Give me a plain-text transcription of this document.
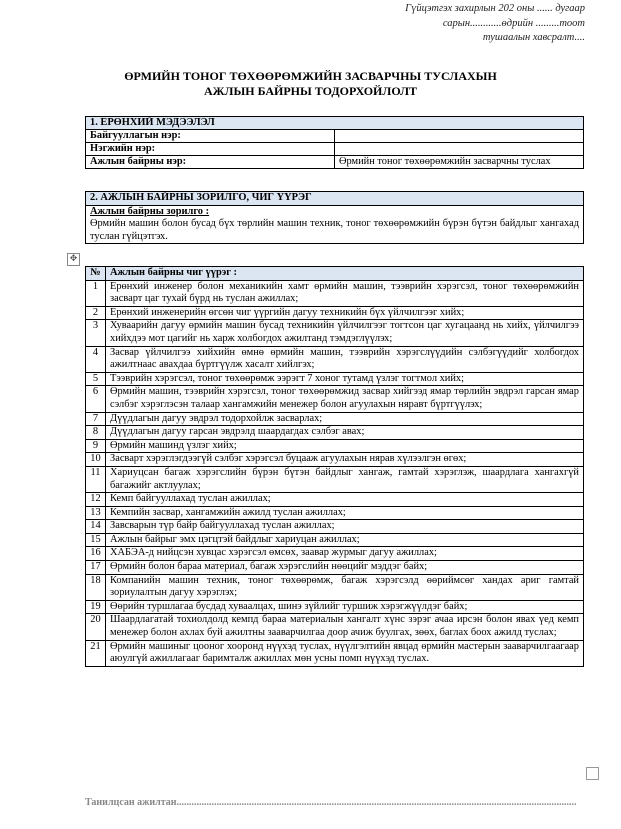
Гүйцэтгэх захирлын 202 оны ...... дугаар
сарын............өдрийн .........тоот
тушаалын хавсралт....
ӨРМИЙН ТОНОГ ТӨХӨӨРӨМЖИЙН ЗАСВАРЧНЫ ТУСЛАХЫН
АЖЛЫН БАЙРНЫ ТОДОРХОЙЛОЛТ
1. ЕРӨНХИЙ МЭДЭЭЛЭЛ	
Байгууллагын нэр:	
Нэгжийн нэр:	
Ажлын байрны нэр:	Өрмийн тоног төхөөрөмжийн засварчны туслах
2. АЖЛЫН БАЙРНЫ ЗОРИЛГО, ЧИГ ҮҮРЭГ

Ажлын байрны зорилго :
Өрмийн машин болон бусад бүх төрлийн машин техник, тоног төхөөрөмжийн бүрэн бүтэн байдлыг хангахад туслан гүйцэтгэх.
✥
№	Ажлын байрны чиг үүрэг :
1	Ерөнхий инженер болон механикийн хамт өрмийн машин, тээврийн хэрэгсэл, тоног төхөөрөмжийн засварт цаг тухай бүрд нь туслан ажиллах;
2	Ерөнхий инженерийн өгсөн чиг үүргийн дагуу техникийн бүх үйлчилгээг хийх;
3	Хуваарийн дагуу өрмийн машин бусад техникийн үйлчилгээг тогтсон цаг хугацаанд нь хийх, үйлчилгээ хийхдээ мот цагийг нь харж холбогдох ажилтанд тэмдэглүүлэх;
4	Засвар үйлчилгээ хийхийн өмнө өрмийн машин, тээврийн хэрэгслүүдийн сэлбэгүүдийг холбогдох ажилтнаас авахдаа бүртгүүлж хасалт хийлгэх;
5	Тээврийн хэрэгсэл, тоног төхөөрөмж ээрэгт 7 хоног тутамд үзлэг тогтмол хийх;
6	Өрмийн машин, тээврийн хэрэгсэл, тоног төхөөрөмжид засвар хийгээд ямар төрлийн эвдрэл гарсан ямар сэлбэг хэрэглэсэн талаар хангамжийн менежер болон агуулахын няравт бүртгүүлэх;
7	Дүүдлагын дагуу эвдрэл тодорхойлж засварлах;
8	Дүүдлагын дагуу гарсан эвдрэлд шаардагдах сэлбэг авах;
9	Өрмийн машинд үзлэг хийх;
10	Засварт хэрэглэгдээгүй сэлбэг хэрэгсэл буцааж агуулахын нярав хүлээлгэн өгөх;
11	Хариуцсан багаж хэрэгслийн бүрэн бүтэн байдлыг хангаж, гамтай хэрэглэж, шаардлага хангахгүй багажийг актлуулах;
12	Кемп байгууллахад туслан ажиллах;
13	Кемпийн засвар, хангамжийн ажилд туслан ажиллах;
14	Завсварын түр байр байгууллахад туслан ажиллах;
15	Ажлын байрыг эмх цэгцтэй байдлыг хариуцан ажиллах;
16	ХАБЭА-д нийцсэн хувцас хэрэгсэл өмсөх, заавар журмыг дагуу ажиллах;
17	Өрмийн болон бараа материал, багаж хэрэгслийн нөөцийг мэддэг байх;
18	Компанийн машин техник, тоног төхөөрөмж, багаж хэрэгсэлд өөриймсөг хандах ариг гамтай зориулалтын дагуу хэрэглэх;
19	Өөрийн туршлагаа бусдад хуваалцах, шинэ зүйлийг туршиж хэрэгжүүлдэг байх;
20	Шаардлагатай тохиолдолд кемпд бараа материалын хангалт хүнс зэрэг ачаа ирсэн болон явах үед кемп менежер болон ахлах буй ажилтны зааварчилгаа доор ачиж буулгах, зөөх, баглах боох ажилд туслах;
21	Өрмийн машиныг цооног хооронд нүүхэд туслах, нүүлгэлтийн явцад өрмийн мастерын зааварчилгаагаар аюулгүй ажиллагааг баримталж ажиллах мөн усны помп нүүхэд туслах.
Танилцсан ажилтан................................................................................................................................................................
